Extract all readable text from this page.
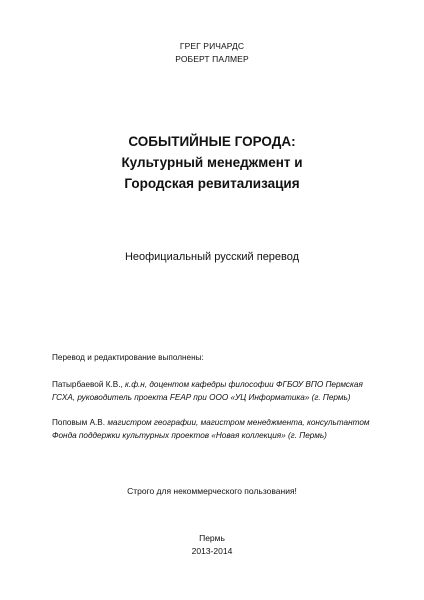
ГРЕГ РИЧАРДС
РОБЕРТ ПАЛМЕР
СОБЫТИЙНЫЕ ГОРОДА:
Культурный менеджмент и
Городская ревитализация
Неофициальный русский перевод
Перевод и редактирование выполнены:
Патырбаевой К.В., к.ф.н, доцентом кафедры философии ФГБОУ ВПО Пермская ГСХА, руководитель проекта FEAP при ООО «УЦ Информатика» (г. Пермь)
Поповым А.В. магистром географии, магистром менеджмента, консультантом Фонда поддержки культурных проектов «Новая коллекция» (г. Пермь)
Строго для некоммерческого пользования!
Пермь
2013-2014
